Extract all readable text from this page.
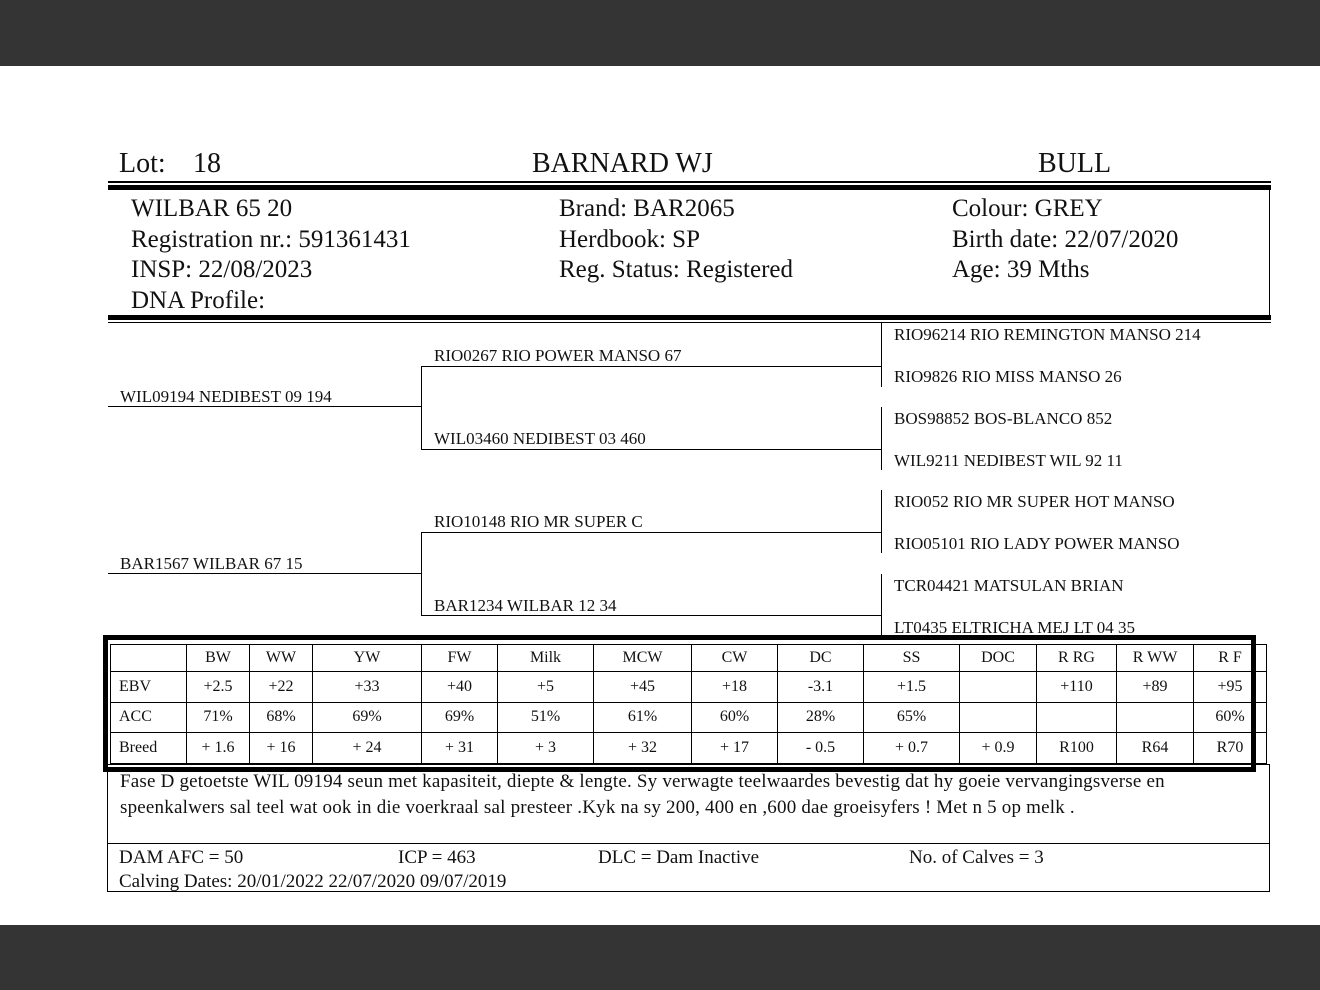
Lot: 18	BARNARD WJ	BULL
WILBAR 65 20
Registration nr.: 591361431
INSP: 22/08/2023
DNA Profile:
Brand: BAR2065
Herdbook: SP
Reg. Status: Registered
Colour: GREY
Birth date: 22/07/2020
Age: 39 Mths
WIL09194 NEDIBEST 09 194
BAR1567 WILBAR 67 15
RIO0267 RIO POWER MANSO 67
WIL03460 NEDIBEST 03 460
RIO10148 RIO MR SUPER C
BAR1234 WILBAR 12 34
RIO96214 RIO REMINGTON MANSO 214
RIO9826 RIO MISS MANSO 26
BOS98852 BOS-BLANCO 852
WIL9211 NEDIBEST WIL 92 11
RIO052 RIO MR SUPER HOT MANSO
RIO05101 RIO LADY POWER MANSO
TCR04421 MATSULAN BRIAN
LT0435 ELTRICHA MEJ LT 04 35
	BW	WW	YW	FW	Milk	MCW	CW	DC	SS	DOC	R RG	R WW	R F
EBV	+2.5	+22	+33	+40	+5	+45	+18	-3.1	+1.5		+110	+89	+95
ACC	71%	68%	69%	69%	51%	61%	60%	28%	65%				60%
Breed	+ 1.6	+ 16	+ 24	+ 31	+ 3	+ 32	+ 17	- 0.5	+ 0.7	+ 0.9	R100	R64	R70
Fase D getoetste WIL 09194 seun met kapasiteit, diepte & lengte. Sy verwagte teelwaardes bevestig dat hy goeie vervangingsverse en speenkalwers sal teel wat ook in die voerkraal sal presteer .Kyk na sy 200, 400 en ,600 dae groeisyfers ! Met n 5 op melk .
DAM AFC = 50	ICP = 463	DLC = Dam Inactive	No. of Calves = 3
Calving Dates: 20/01/2022 22/07/2020 09/07/2019
